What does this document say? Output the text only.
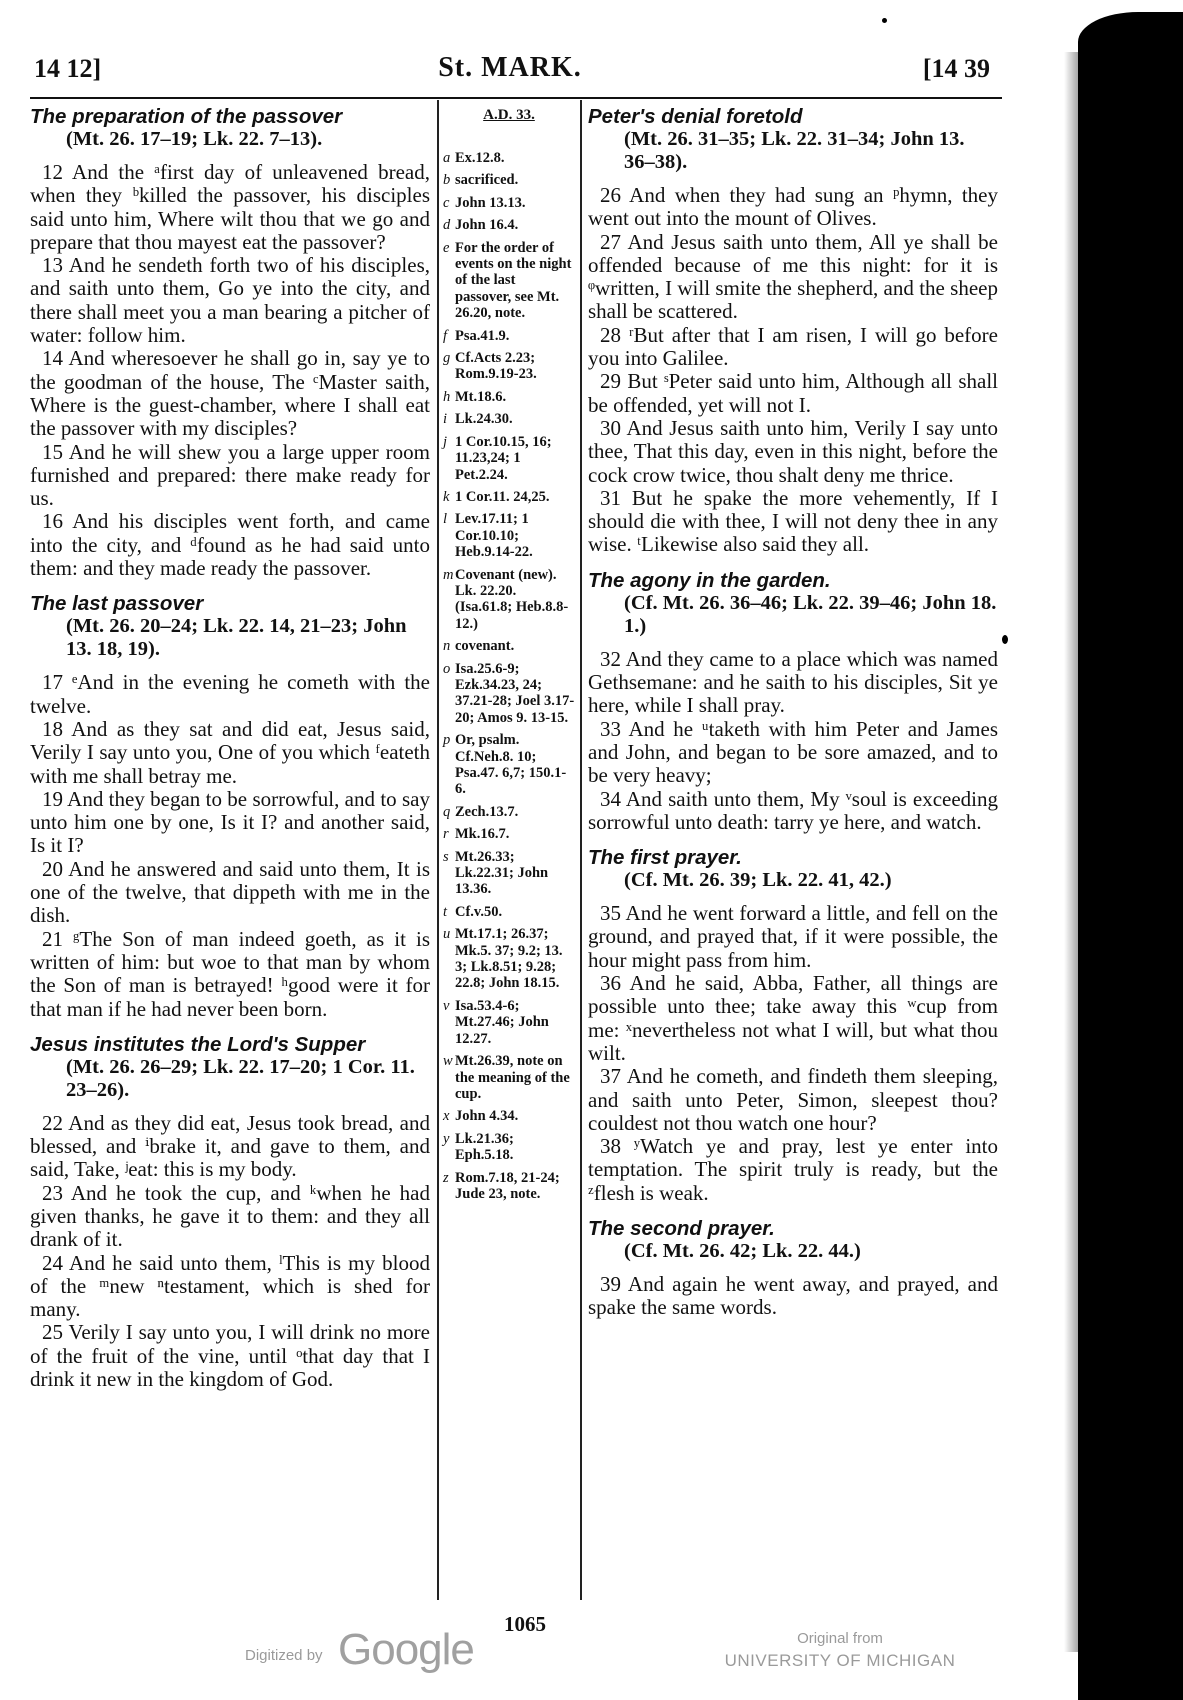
14 12]	St. MARK.	[14 39

The preparation of the passover

(Mt. 26. 17–19; Lk. 22. 7–13).

12 And the ᵃfirst day of unleavened bread, when they ᵇkilled the passover, his disciples said unto him, Where wilt thou that we go and prepare that thou mayest eat the passover?

13 And he sendeth forth two of his disciples, and saith unto them, Go ye into the city, and there shall meet you a man bearing a pitcher of water: follow him.

14 And wheresoever he shall go in, say ye to the goodman of the house, The ᶜMaster saith, Where is the guest-chamber, where I shall eat the passover with my disciples?

15 And he will shew you a large upper room furnished and prepared: there make ready for us.

16 And his disciples went forth, and came into the city, and ᵈfound as he had said unto them: and they made ready the passover.

The last passover

(Mt. 26. 20–24; Lk. 22. 14, 21–23; John 13. 18, 19).

17 ᵉAnd in the evening he cometh with the twelve.

18 And as they sat and did eat, Jesus said, Verily I say unto you, One of you which ᶠeateth with me shall betray me.

19 And they began to be sorrowful, and to say unto him one by one, Is it I? and another said, Is it I?

20 And he answered and said unto them, It is one of the twelve, that dippeth with me in the dish.

21 ᵍThe Son of man indeed goeth, as it is written of him: but woe to that man by whom the Son of man is betrayed! ʰgood were it for that man if he had never been born.

Jesus institutes the Lord's Supper

(Mt. 26. 26–29; Lk. 22. 17–20; 1 Cor. 11. 23–26).

22 And as they did eat, Jesus took bread, and blessed, and ⁱbrake it, and gave to them, and said, Take, ʲeat: this is my body.

23 And he took the cup, and ᵏwhen he had given thanks, he gave it to them: and they all drank of it.

24 And he said unto them, ˡThis is my blood of the ᵐnew ⁿtestament, which is shed for many.

25 Verily I say unto you, I will drink no more of the fruit of the vine, until ᵒthat day that I drink it new in the kingdom of God.

A.D. 33.
a Ex.12.8.
b sacrificed.
c John 13.13.
d John 16.4.
e For the order of events on the night of the last passover, see Mt. 26.20, note.
f Psa.41.9.
g Cf.Acts 2.23; Rom.9.19-23.
h Mt.18.6.
i Lk.24.30.
j 1 Cor.10.15, 16; 11.23,24; 1 Pet.2.24.
k 1 Cor.11. 24,25.
l Lev.17.11; 1 Cor.10.10; Heb.9.14-22.
m Covenant (new). Lk. 22.20. (Isa.61.8; Heb.8.8-12.)
n covenant.
o Isa.25.6-9; Ezk.34.23, 24; 37.21-28; Joel 3.17-20; Amos 9. 13-15.
p Or, psalm. Cf.Neh.8. 10; Psa.47. 6,7; 150.1-6.
q Zech.13.7.
r Mk.16.7.
s Mt.26.33; Lk.22.31; John 13.36.
t Cf.v.50.
u Mt.17.1; 26.37; Mk.5. 37; 9.2; 13. 3; Lk.8.51; 9.28; 22.8; John 18.15.
v Isa.53.4-6; Mt.27.46; John 12.27.
w Mt.26.39, note on the meaning of the cup.
x John 4.34.
y Lk.21.36; Eph.5.18.
z Rom.7.18, 21-24; Jude 23, note.

Peter's denial foretold

(Mt. 26. 31–35; Lk. 22. 31–34; John 13. 36–38).

26 And when they had sung an ᵖhymn, they went out into the mount of Olives.

27 And Jesus saith unto them, All ye shall be offended because of me this night: for it is ᵠwritten, I will smite the shepherd, and the sheep shall be scattered.

28 ʳBut after that I am risen, I will go before you into Galilee.

29 But ˢPeter said unto him, Although all shall be offended, yet will not I.

30 And Jesus saith unto him, Verily I say unto thee, That this day, even in this night, before the cock crow twice, thou shalt deny me thrice.

31 But he spake the more vehemently, If I should die with thee, I will not deny thee in any wise. ᵗLikewise also said they all.

The agony in the garden.

(Cf. Mt. 26. 36–46; Lk. 22. 39–46; John 18. 1.)

32 And they came to a place which was named Gethsemane: and he saith to his disciples, Sit ye here, while I shall pray.

33 And he ᵘtaketh with him Peter and James and John, and began to be sore amazed, and to be very heavy;

34 And saith unto them, My ᵛsoul is exceeding sorrowful unto death: tarry ye here, and watch.

The first prayer.

(Cf. Mt. 26. 39; Lk. 22. 41, 42.)

35 And he went forward a little, and fell on the ground, and prayed that, if it were possible, the hour might pass from him.

36 And he said, Abba, Father, all things are possible unto thee; take away this ʷcup from me: ˣnevertheless not what I will, but what thou wilt.

37 And he cometh, and findeth them sleeping, and saith unto Peter, Simon, sleepest thou? couldest not thou watch one hour?

38 ʸWatch ye and pray, lest ye enter into temptation. The spirit truly is ready, but the ᶻflesh is weak.

The second prayer.

(Cf. Mt. 26. 42; Lk. 22. 44.)

39 And again he went away, and prayed, and spake the same words.

1065
Digitized by Google	Original from
UNIVERSITY OF MICHIGAN
